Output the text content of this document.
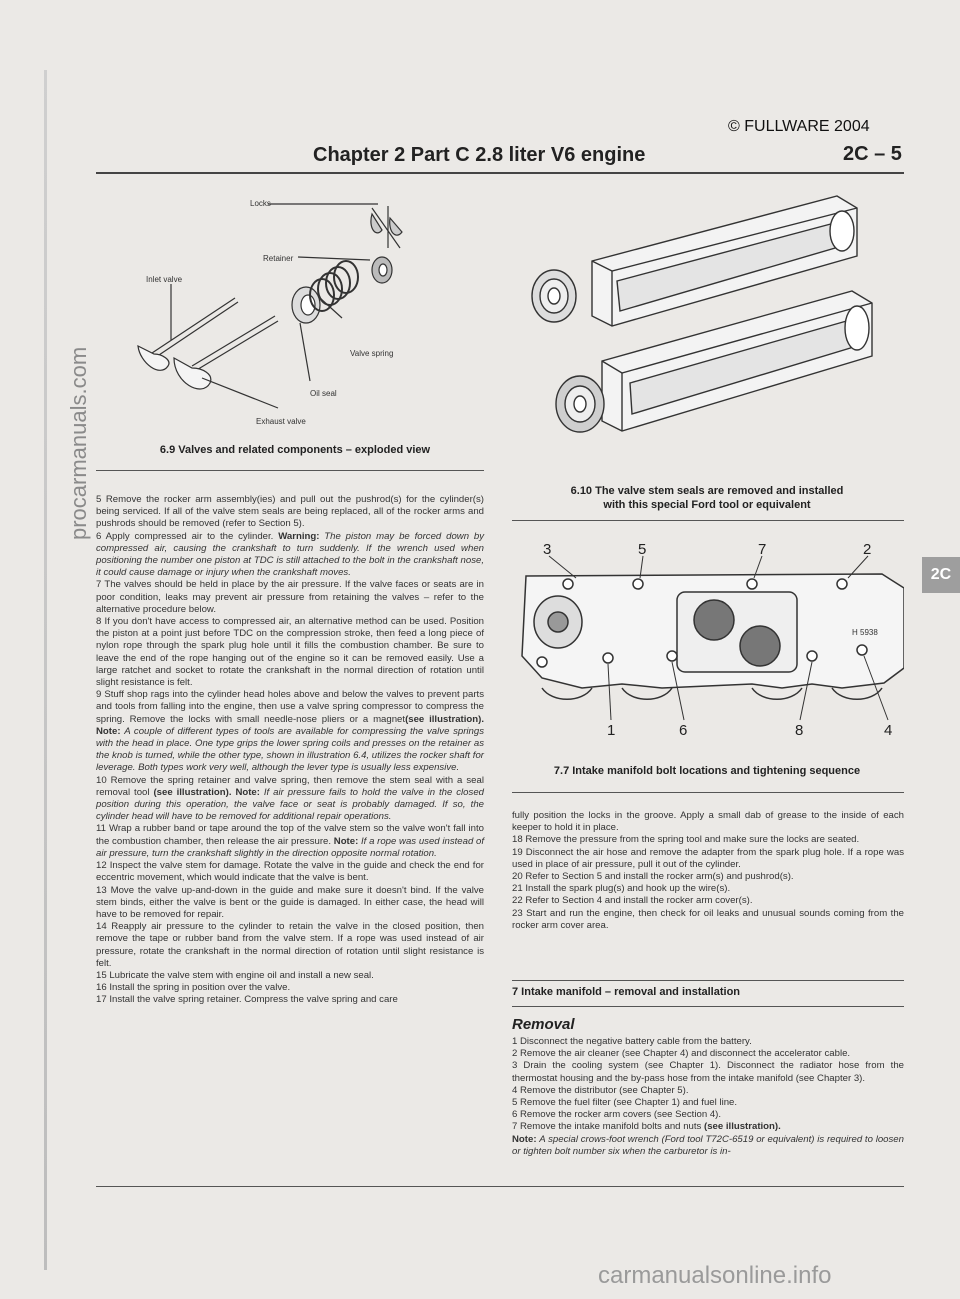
© FULLWARE 2004
Chapter 2 Part C 2.8 liter V6 engine	2C – 5
2C
Locks
Retainer
Inlet valve
Valve spring
Oil seal
Exhaust valve
6.9 Valves and related components – exploded view
6.10 The valve stem seals are removed and installed
with this special Ford tool or equivalent
3	5	7	2
1	6	8	4
H 5938
7.7 Intake manifold bolt locations and tightening sequence

5 Remove the rocker arm assembly(ies) and pull out the pushrod(s) for the cylinder(s) being serviced. If all of the valve stem seals are being replaced, all of the rocker arms and pushrods should be removed (refer to Section 5).

6 Apply compressed air to the cylinder. Warning: The piston may be forced down by compressed air, causing the crankshaft to turn suddenly. If the wrench used when positioning the number one piston at TDC is still attached to the bolt in the crankshaft nose, it could cause damage or injury when the crankshaft moves.

7 The valves should be held in place by the air pressure. If the valve faces or seats are in poor condition, leaks may prevent air pressure from retaining the valves – refer to the alternative procedure below.

8 If you don't have access to compressed air, an alternative method can be used. Position the piston at a point just before TDC on the compression stroke, then feed a long piece of nylon rope through the spark plug hole until it fills the combustion chamber. Be sure to leave the end of the rope hanging out of the engine so it can be removed easily. Use a large ratchet and socket to rotate the crankshaft in the normal direction of rotation until slight resistance is felt.

9 Stuff shop rags into the cylinder head holes above and below the valves to prevent parts and tools from falling into the engine, then use a valve spring compressor to compress the spring. Remove the locks with small needle-nose pliers or a magnet(see illustration). Note: A couple of different types of tools are available for compressing the valve springs with the head in place. One type grips the lower spring coils and presses on the retainer as the knob is turned, while the other type, shown in illustration 6.4, utilizes the rocker shaft for leverage. Both types work very well, although the lever type is usually less expensive.

10 Remove the spring retainer and valve spring, then remove the stem seal with a seal removal tool (see illustration). Note: If air pressure fails to hold the valve in the closed position during this operation, the valve face or seat is probably damaged. If so, the cylinder head will have to be removed for additional repair operations.

11 Wrap a rubber band or tape around the top of the valve stem so the valve won't fall into the combustion chamber, then release the air pressure. Note: If a rope was used instead of air pressure, turn the crankshaft slightly in the direction opposite normal rotation.

12 Inspect the valve stem for damage. Rotate the valve in the guide and check the end for eccentric movement, which would indicate that the valve is bent.

13 Move the valve up-and-down in the guide and make sure it doesn't bind. If the valve stem binds, either the valve is bent or the guide is damaged. In either case, the head will have to be removed for repair.

14 Reapply air pressure to the cylinder to retain the valve in the closed position, then remove the tape or rubber band from the valve stem. If a rope was used instead of air pressure, rotate the crankshaft in the normal direction of rotation until slight resistance is felt.

15 Lubricate the valve stem with engine oil and install a new seal.

16 Install the spring in position over the valve.

17 Install the valve spring retainer. Compress the valve spring and care

fully position the locks in the groove. Apply a small dab of grease to the inside of each keeper to hold it in place.

18 Remove the pressure from the spring tool and make sure the locks are seated.

19 Disconnect the air hose and remove the adapter from the spark plug hole. If a rope was used in place of air pressure, pull it out of the cylinder.

20 Refer to Section 5 and install the rocker arm(s) and pushrod(s).

21 Install the spark plug(s) and hook up the wire(s).

22 Refer to Section 4 and install the rocker arm cover(s).

23 Start and run the engine, then check for oil leaks and unusual sounds coming from the rocker arm cover area.

7 Intake manifold – removal and installation
Removal

1 Disconnect the negative battery cable from the battery.

2 Remove the air cleaner (see Chapter 4) and disconnect the accelerator cable.

3 Drain the cooling system (see Chapter 1). Disconnect the radiator hose from the thermostat housing and the by-pass hose from the intake manifold (see Chapter 3).

4 Remove the distributor (see Chapter 5).

5 Remove the fuel filter (see Chapter 1) and fuel line.

6 Remove the rocker arm covers (see Section 4).

7 Remove the intake manifold bolts and nuts (see illustration).

Note: A special crows-foot wrench (Ford tool T72C-6519 or equivalent) is required to loosen or tighten bolt number six when the carburetor is in-

procarmanuals.com
carmanualsonline.info
